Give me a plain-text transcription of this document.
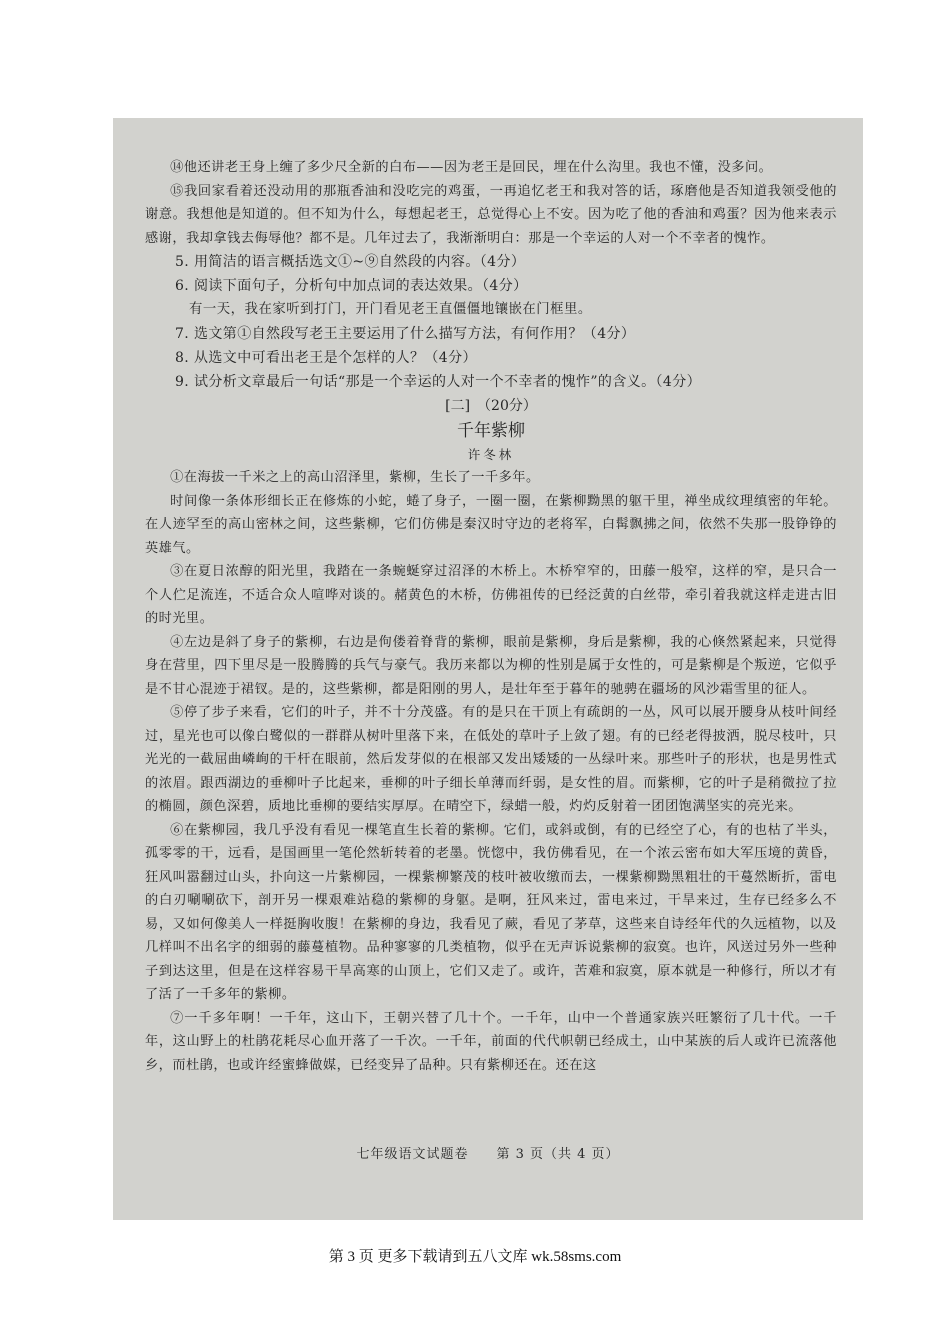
⑭他还讲老王身上缠了多少尺全新的白布——因为老王是回民，埋在什么沟里。我也不懂，没多问。

⑮我回家看着还没动用的那瓶香油和没吃完的鸡蛋，一再追忆老王和我对答的话，琢磨他是否知道我领受他的谢意。我想他是知道的。但不知为什么，每想起老王，总觉得心上不安。因为吃了他的香油和鸡蛋？因为他来表示感谢，我却拿钱去侮辱他？都不是。几年过去了，我渐渐明白：那是一个幸运的人对一个不幸者的愧怍。

5. 用简洁的语言概括选文①~⑨自然段的内容。（4分）
6. 阅读下面句子，分析句中加点词的表达效果。（4分）
有一天，我在家听到打门，开门看见老王直僵僵地镶嵌在门框里。
7. 选文第①自然段写老王主要运用了什么描写方法，有何作用？（4分）
8. 从选文中可看出老王是个怎样的人？（4分）
9. 试分析文章最后一句话“那是一个幸运的人对一个不幸者的愧怍”的含义。（4分）
[二]　（20分）
千年紫柳
许冬林

①在海拔一千米之上的高山沼泽里，紫柳，生长了一千多年。

时间像一条体形细长正在修炼的小蛇，蜷了身子，一圈一圈，在紫柳黝黑的躯干里，禅坐成纹理缜密的年轮。在人迹罕至的高山密林之间，这些紫柳，它们仿佛是秦汉时守边的老将军，白髯飘拂之间，依然不失那一股铮铮的英雄气。

③在夏日浓醇的阳光里，我踏在一条蜿蜒穿过沼泽的木桥上。木桥窄窄的，田藤一般窄，这样的窄，是只合一个人伫足流连，不适合众人喧哗对谈的。赭黄色的木桥，仿佛祖传的已经泛黄的白丝带，牵引着我就这样走进古旧的时光里。

④左边是斜了身子的紫柳，右边是佝偻着脊背的紫柳，眼前是紫柳，身后是紫柳，我的心倏然紧起来，只觉得身在营里，四下里尽是一股腾腾的兵气与豪气。我历来都以为柳的性别是属于女性的，可是紫柳是个叛逆，它似乎是不甘心混迹于裙钗。是的，这些紫柳，都是阳刚的男人，是壮年至于暮年的驰骋在疆场的风沙霜雪里的征人。

⑤停了步子来看，它们的叶子，并不十分茂盛。有的是只在干顶上有疏朗的一丛，风可以展开腰身从枝叶间经过，星光也可以像白鹭似的一群群从树叶里落下来，在低处的草叶子上敛了翅。有的已经老得披洒，脱尽枝叶，只光光的一截屈曲嶙峋的干杆在眼前，然后发芽似的在根部又发出矮矮的一丛绿叶来。那些叶子的形状，也是男性式的浓眉。跟西湖边的垂柳叶子比起来，垂柳的叶子细长单薄而纤弱，是女性的眉。而紫柳，它的叶子是稍微拉了拉的椭圆，颜色深碧，质地比垂柳的要结实厚厚。在晴空下，绿蜡一般，灼灼反射着一团团饱满坚实的亮光来。

⑥在紫柳园，我几乎没有看见一棵笔直生长着的紫柳。它们，或斜或倒，有的已经空了心，有的也枯了半头，孤零零的干，远看，是国画里一笔伦然斩转着的老墨。恍惚中，我仿佛看见，在一个浓云密布如大军压境的黄昏，狂风叫嚣翻过山头，扑向这一片紫柳园，一棵紫柳繁茂的枝叶被收缴而去，一棵紫柳黝黑粗壮的干蔓然断折，雷电的白刃唰唰砍下，剖开另一棵艰难站稳的紫柳的身躯。是啊，狂风来过，雷电来过，干旱来过，生存已经多么不易，又如何像美人一样挺胸收腹！在紫柳的身边，我看见了蕨，看见了茅草，这些来自诗经年代的久远植物，以及几样叫不出名字的细弱的藤蔓植物。品种寥寥的几类植物，似乎在无声诉说紫柳的寂寞。也许，风送过另外一些种子到达这里，但是在这样容易干旱高寒的山顶上，它们又走了。或许，苦难和寂寞，原本就是一种修行，所以才有了活了一千多年的紫柳。

⑦一千多年啊！一千年，这山下，王朝兴替了几十个。一千年，山中一个普通家族兴旺繁衍了几十代。一千年，这山野上的杜鹃花耗尽心血开落了一千次。一千年，前面的代代帜朝已经成土，山中某族的后人或许已流落他乡，而杜鹃，也或许经蜜蜂做媒，已经变异了品种。只有紫柳还在。还在这

七年级语文试题卷　　第 3 页（共 4 页）
第 3 页 更多下载请到五八文库 wk.58sms.com
